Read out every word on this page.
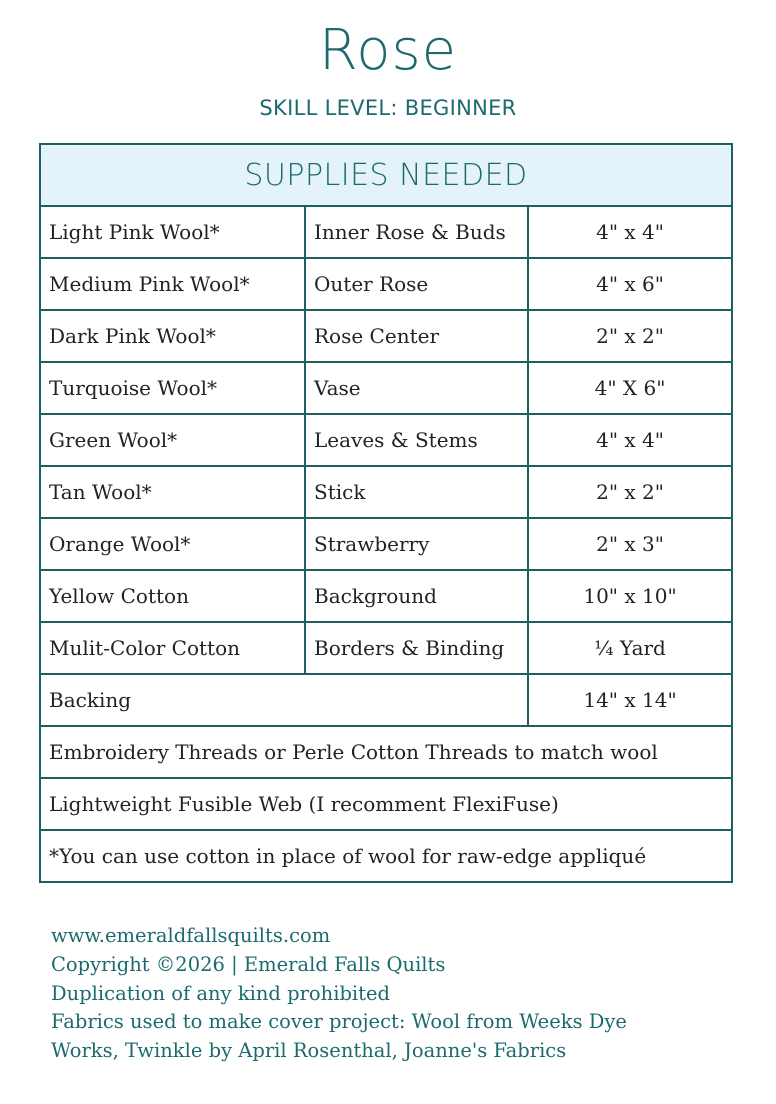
Rose
SKILL LEVEL: BEGINNER
SUPPLIES NEEDED		
Light Pink Wool*	Inner Rose & Buds	4" x 4"
Medium Pink Wool*	Outer Rose	4" x 6"
Dark Pink Wool*	Rose Center	2" x 2"
Turquoise Wool*	Vase	4" X 6"
Green Wool*	Leaves & Stems	4" x 4"
Tan Wool*	Stick	2" x 2"
Orange Wool*	Strawberry	2" x 3"
Yellow Cotton	Background	10" x 10"
Mulit-Color Cotton	Borders & Binding	¼ Yard
Backing		14" x 14"
Embroidery Threads or Perle Cotton Threads to match wool		
Lightweight Fusible Web (I recomment FlexiFuse)		
*You can use cotton in place of wool for raw-edge appliqué		
www.emeraldfallsquilts.com
Copyright ©2026 | Emerald Falls Quilts
Duplication of any kind prohibited
Fabrics used to make cover project: Wool from Weeks Dye
Works, Twinkle by April Rosenthal, Joanne's Fabrics
